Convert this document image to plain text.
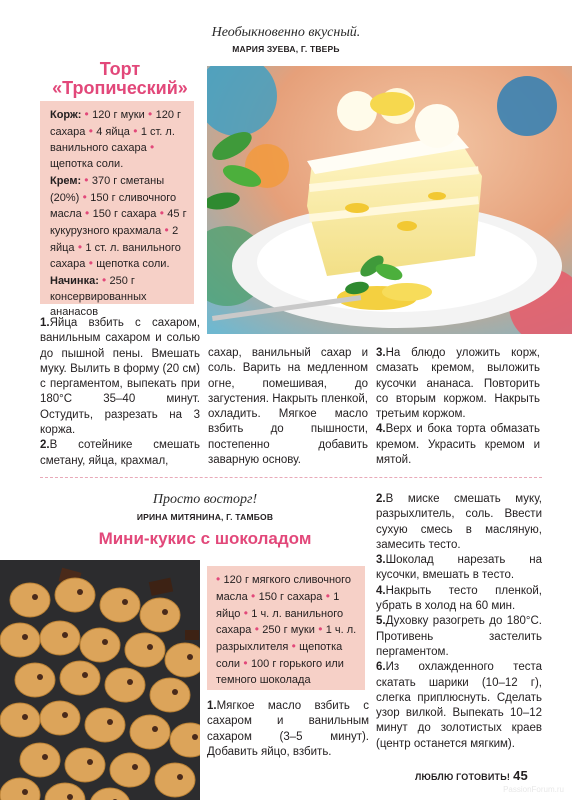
Необыкновенно вкусный.
МАРИЯ ЗУЕВА, Г. ТВЕРЬ
Торт
«Тропический»
Корж: • 120 г муки • 120 г сахара • 4 яйца • 1 ст. л. ванильного сахара • щепотка соли.
Крем: • 370 г сметаны (20%) • 150 г сливочного масла • 150 г сахара • 45 г кукурузного крахмала • 2 яйца • 1 ст. л. ванильного сахара • щепотка соли.
Начинка: • 250 г консервированных ананасов
1.Яйца взбить с сахаром, ванильным сахаром и солью до пышной пены. Вмешать муку. Вылить в форму (20 см) с пергаментом, выпекать при 180°С 35–40 минут. Остудить, разрезать на 3 коржа.
2.В сотейнике смешать сметану, яйца, крахмал,
сахар, ванильный сахар и соль. Варить на медленном огне, помешивая, до загустения. Накрыть пленкой, охладить. Мягкое масло взбить до пышности, постепенно добавить заварную основу.
3.На блюдо уложить корж, смазать кремом, выложить кусочки ананаса. Повторить со вторым коржом. Накрыть третьим коржом.
4.Верх и бока торта обмазать кремом. Украсить кремом и мятой.
Просто восторг!
ИРИНА МИТЯНИНА, Г. ТАМБОВ
Мини-кукис с шоколадом
• 120 г мягкого сливочного масла • 150 г сахара • 1 яйцо • 1 ч. л. ванильного сахара • 250 г муки • 1 ч. л. разрыхлителя • щепотка соли • 100 г горького или темного шоколада
1.Мягкое масло взбить с сахаром и ванильным сахаром (3–5 минут). Добавить яйцо, взбить.
2.В миске смешать муку, разрыхлитель, соль. Ввести сухую смесь в масляную, замесить тесто.
3.Шоколад нарезать на кусочки, вмешать в тесто.
4.Накрыть тесто пленкой, убрать в холод на 60 мин.
5.Духовку разогреть до 180°С. Противень застелить пергаментом.
6.Из охлажденного теста скатать шарики (10–12 г), слегка приплюснуть. Сделать узор вилкой. Выпекать 10–12 минут до золотистых краев (центр останется мягким).
ЛЮБЛЮ ГОТОВИТЬ! 45
PassionForum.ru
